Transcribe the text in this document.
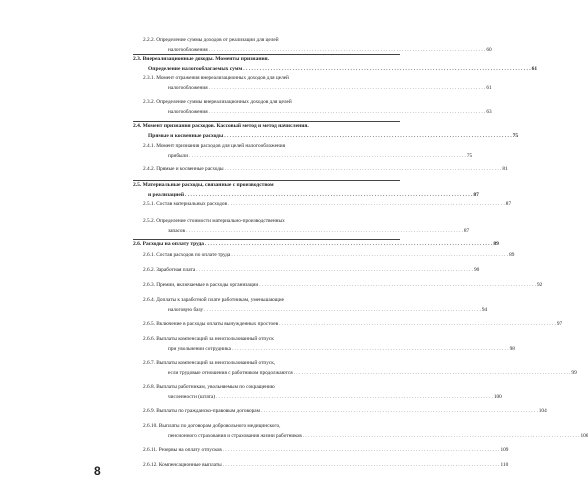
2.2.2. Определение суммы доходов от реализации для целей
налогообложения . . .	60
2.3. Внереализационные доходы. Моменты признания.
Определение налогооблагаемых сумм . . .	61
2.3.1. Момент отражения внереализационных доходов для целей
налогообложения . . .	61
2.3.2. Определение суммы внереализационных доходов для целей
налогообложения . . .	63
2.4. Момент признания расходов. Кассовый метод и метод начисления.
Прямые и косвенные расходы . . .	75
2.4.1. Момент признания расходов для целей налогообложения
прибыли . . .	75
2.4.2. Прямые и косвенные расходы . . .	81
2.5. Материальные расходы, связанные с производством
и реализацией . . .	87
2.5.1. Состав материальных расходов . . .	87
2.5.2. Определение стоимости материально-производственных
запасов . . .	87
2.6. Расходы на оплату труда . . .	89
2.6.1. Состав расходов по оплате труда . . .	89
2.6.2. Заработная плата . . .	90
2.6.3. Премии, включаемые в расходы организации . . .	92
2.6.4. Доплаты к заработной плате работникам, уменьшающие
налоговую базу . . .	94
2.6.5. Включение в расходы оплаты вынужденных простоев . . .	97
2.6.6. Выплаты компенсаций за неиспользованный отпуск
при увольнении сотрудника . . .	98
2.6.7. Выплаты компенсаций за неиспользованный отпуск,
если трудовые отношения с работником продолжаются . . .	99
2.6.8. Выплаты работникам, увольняемым по сокращению
численности (штата) . . .	100
2.6.9. Выплаты по гражданско-правовым договорам . . .	104
2.6.10. Выплаты по договорам добровольного медицинского,
пенсионного страхования и страхования жизни работников . . .	106
2.6.11. Резервы на оплату отпусков . . .	109
2.6.12. Компенсационные выплаты . . .	110
8
